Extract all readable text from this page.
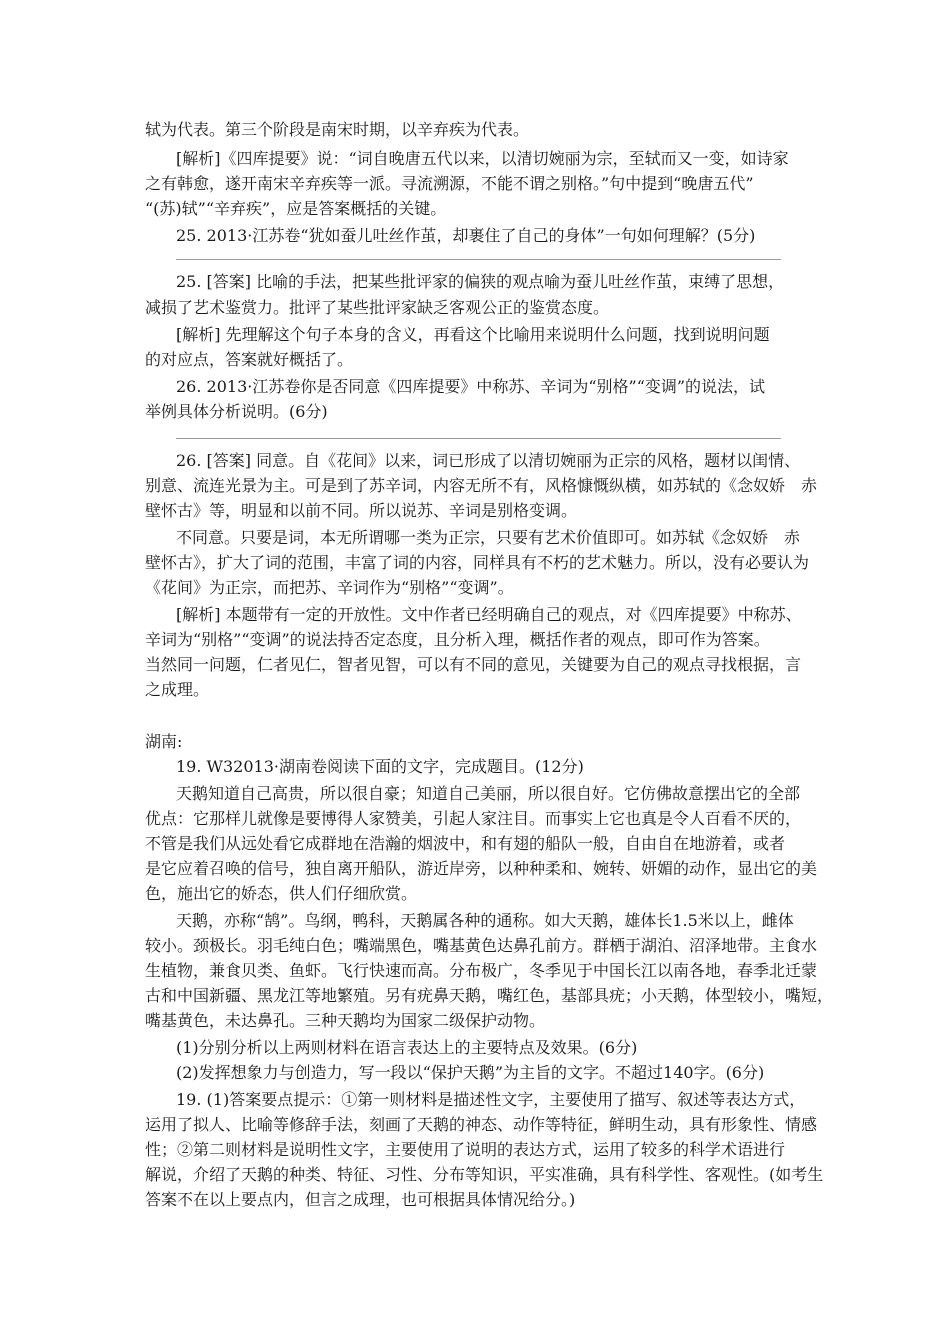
轼为代表。第三个阶段是南宋时期，以辛弃疾为代表。
[解析]《四库提要》说：“词自晚唐五代以来，以清切婉丽为宗，至轼而又一变，如诗家
之有韩愈，遂开南宋辛弃疾等一派。寻流溯源，不能不谓之别格。”句中提到“晚唐五代”
“(苏)轼”“辛弃疾”，应是答案概括的关键。
25. 2013·江苏卷“犹如蚕儿吐丝作茧，却裹住了自己的身体”一句如何理解？(5分)
25. [答案] 比喻的手法，把某些批评家的偏狭的观点喻为蚕儿吐丝作茧，束缚了思想，
减损了艺术鉴赏力。批评了某些批评家缺乏客观公正的鉴赏态度。
[解析] 先理解这个句子本身的含义，再看这个比喻用来说明什么问题，找到说明问题
的对应点，答案就好概括了。
26. 2013·江苏卷你是否同意《四库提要》中称苏、辛词为“别格”“变调”的说法，试
举例具体分析说明。(6分)
26. [答案] 同意。自《花间》以来，词已形成了以清切婉丽为正宗的风格，题材以闺情、
别意、流连光景为主。可是到了苏辛词，内容无所不有，风格慷慨纵横，如苏轼的《念奴娇　赤
壁怀古》等，明显和以前不同。所以说苏、辛词是别格变调。
不同意。只要是词，本无所谓哪一类为正宗，只要有艺术价值即可。如苏轼《念奴娇　赤
壁怀古》，扩大了词的范围，丰富了词的内容，同样具有不朽的艺术魅力。所以，没有必要认为
《花间》为正宗，而把苏、辛词作为“别格”“变调”。
[解析] 本题带有一定的开放性。文中作者已经明确自己的观点，对《四库提要》中称苏、
辛词为“别格”“变调”的说法持否定态度，且分析入理，概括作者的观点，即可作为答案。
当然同一问题，仁者见仁，智者见智，可以有不同的意见，关键要为自己的观点寻找根据，言
之成理。
湖南:
19. W32013·湖南卷阅读下面的文字，完成题目。(12分)
天鹅知道自己高贵，所以很自豪；知道自己美丽，所以很自好。它仿佛故意摆出它的全部
优点：它那样儿就像是要博得人家赞美，引起人家注目。而事实上它也真是令人百看不厌的，
不管是我们从远处看它成群地在浩瀚的烟波中，和有翅的船队一般，自由自在地游着，或者
是它应着召唤的信号，独自离开船队，游近岸旁，以种种柔和、婉转、妍媚的动作，显出它的美
色，施出它的娇态，供人们仔细欣赏。
天鹅，亦称“鹄”。鸟纲，鸭科，天鹅属各种的通称。如大天鹅，雄体长1.5米以上，雌体
较小。颈极长。羽毛纯白色；嘴端黑色，嘴基黄色达鼻孔前方。群栖于湖泊、沼泽地带。主食水
生植物，兼食贝类、鱼虾。飞行快速而高。分布极广，冬季见于中国长江以南各地，春季北迁蒙
古和中国新疆、黑龙江等地繁殖。另有疣鼻天鹅，嘴红色，基部具疣；小天鹅，体型较小，嘴短，
嘴基黄色，未达鼻孔。三种天鹅均为国家二级保护动物。
(1)分别分析以上两则材料在语言表达上的主要特点及效果。(6分)
(2)发挥想象力与创造力，写一段以“保护天鹅”为主旨的文字。不超过140字。(6分)
19. (1)答案要点提示：①第一则材料是描述性文字，主要使用了描写、叙述等表达方式，
运用了拟人、比喻等修辞手法，刻画了天鹅的神态、动作等特征，鲜明生动，具有形象性、情感
性；②第二则材料是说明性文字，主要使用了说明的表达方式，运用了较多的科学术语进行
解说，介绍了天鹅的种类、特征、习性、分布等知识，平实准确，具有科学性、客观性。(如考生
答案不在以上要点内，但言之成理，也可根据具体情况给分。)
